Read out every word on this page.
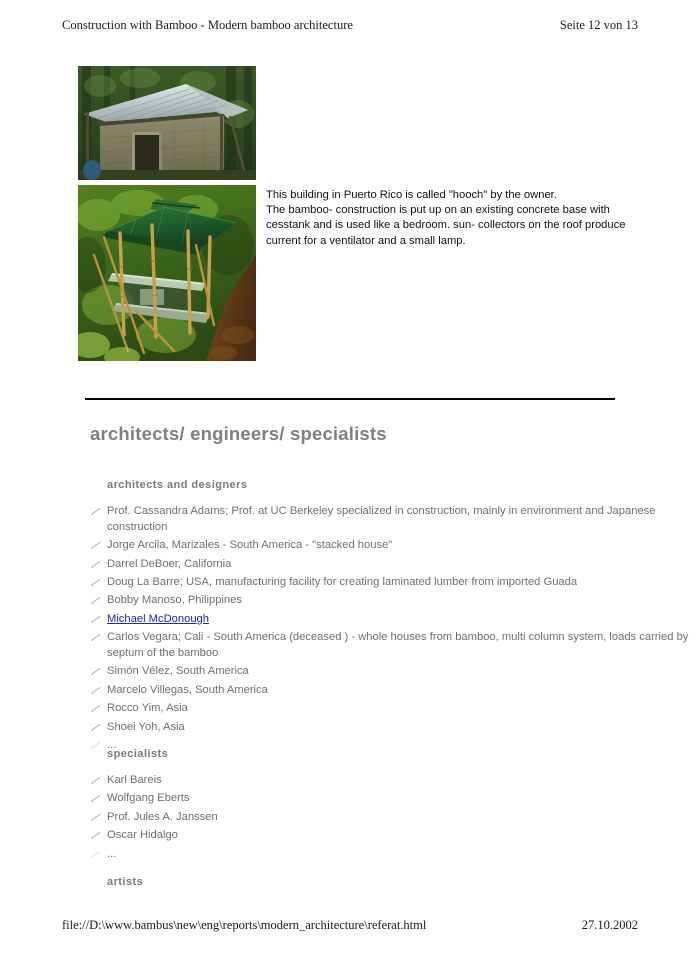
Construction with Bamboo - Modern bamboo architecture	Seite 12 von 13

This building in Puerto Rico is called "hooch" by the owner.

The bamboo- construction is put up on an existing concrete base with

cesstank and is used like a bedroom. sun- collectors on the roof produce

current for a ventilator and a small lamp.

architects/ engineers/ specialists
architects and designers
Prof. Cassandra Adams; Prof. at UC Berkeley specialized in construction, mainly in environment and Japanese construction
Jorge Arcila, Marizales - South America - "stacked house"
Darrel DeBoer, California
Doug La Barre; USA, manufacturing facility for creating laminated lumber from imported Guada
Bobby Manoso, Philippines
Michael McDonough
Carlos Vegara; Cali - South America (deceased ) - whole houses from bamboo, multi column system, loads carried by septum of the bamboo
Simón Vélez, South America
Marcelo Villegas, South America
Rocco Yim, Asia
Shoei Yoh, Asia
...
specialists
Karl Bareis
Wolfgang Eberts
Prof. Jules A. Janssen
Oscar Hidalgo
...
artists
file://D:\www.bambus\new\eng\reports\modern_architecture\referat.html	27.10.2002
